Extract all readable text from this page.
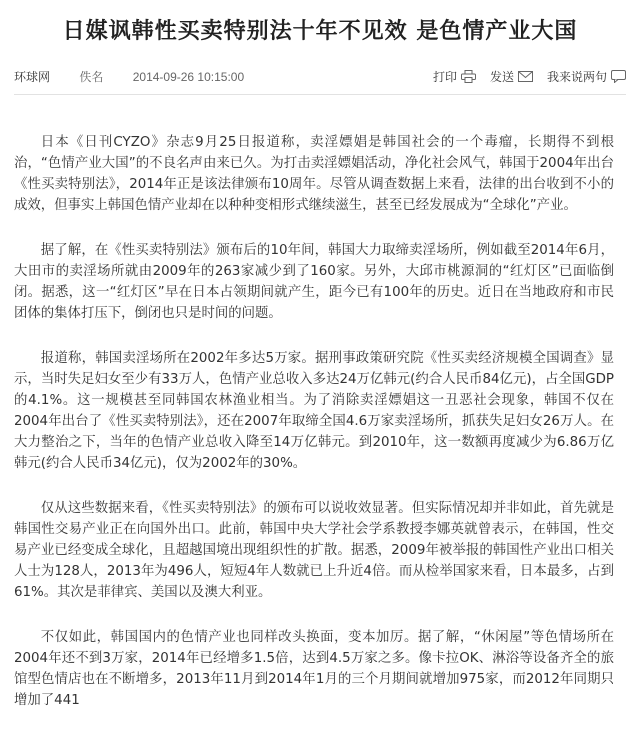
日媒讽韩性买卖特别法十年不见效 是色情产业大国
环球网 佚名 2014-09-26 10:15:00	打印	发送	我来说两句

日本《日刊CYZO》杂志9月25日报道称，卖淫嫖娼是韩国社会的一个毒瘤，长期得不到根治，“色情产业大国”的不良名声由来已久。为打击卖淫嫖娼活动，净化社会风气，韩国于2004年出台《性买卖特别法》，2014年正是该法律颁布10周年。尽管从调查数据上来看，法律的出台收到不小的成效，但事实上韩国色情产业却在以种种变相形式继续滋生，甚至已经发展成为“全球化”产业。

据了解，在《性买卖特别法》颁布后的10年间，韩国大力取缔卖淫场所，例如截至2014年6月，大田市的卖淫场所就由2009年的263家减少到了160家。另外，大邱市桃源洞的“红灯区”已面临倒闭。据悉，这一“红灯区”早在日本占领期间就产生，距今已有100年的历史。近日在当地政府和市民团体的集体打压下，倒闭也只是时间的问题。

报道称，韩国卖淫场所在2002年多达5万家。据刑事政策研究院《性买卖经济规模全国调查》显示，当时失足妇女至少有33万人，色情产业总收入多达24万亿韩元(约合人民币84亿元)，占全国GDP的4.1%。这一规模甚至同韩国农林渔业相当。为了消除卖淫嫖娼这一丑恶社会现象，韩国不仅在2004年出台了《性买卖特别法》，还在2007年取缔全国4.6万家卖淫场所，抓获失足妇女26万人。在大力整治之下，当年的色情产业总收入降至14万亿韩元。到2010年，这一数额再度减少为6.86万亿韩元(约合人民币34亿元)，仅为2002年的30%。

仅从这些数据来看，《性买卖特别法》的颁布可以说收效显著。但实际情况却并非如此，首先就是韩国性交易产业正在向国外出口。此前，韩国中央大学社会学系教授李娜英就曾表示，在韩国，性交易产业已经变成全球化，且超越国境出现组织性的扩散。据悉，2009年被举报的韩国性产业出口相关人士为128人，2013年为496人，短短4年人数就已上升近4倍。而从检举国家来看，日本最多，占到61%。其次是菲律宾、美国以及澳大利亚。

不仅如此，韩国国内的色情产业也同样改头换面，变本加厉。据了解，“休闲屋”等色情场所在2004年还不到3万家，2014年已经增多1.5倍，达到4.5万家之多。像卡拉OK、淋浴等设备齐全的旅馆型色情店也在不断增多，2013年11月到2014年1月的三个月期间就增加975家，而2012年同期只增加了441
